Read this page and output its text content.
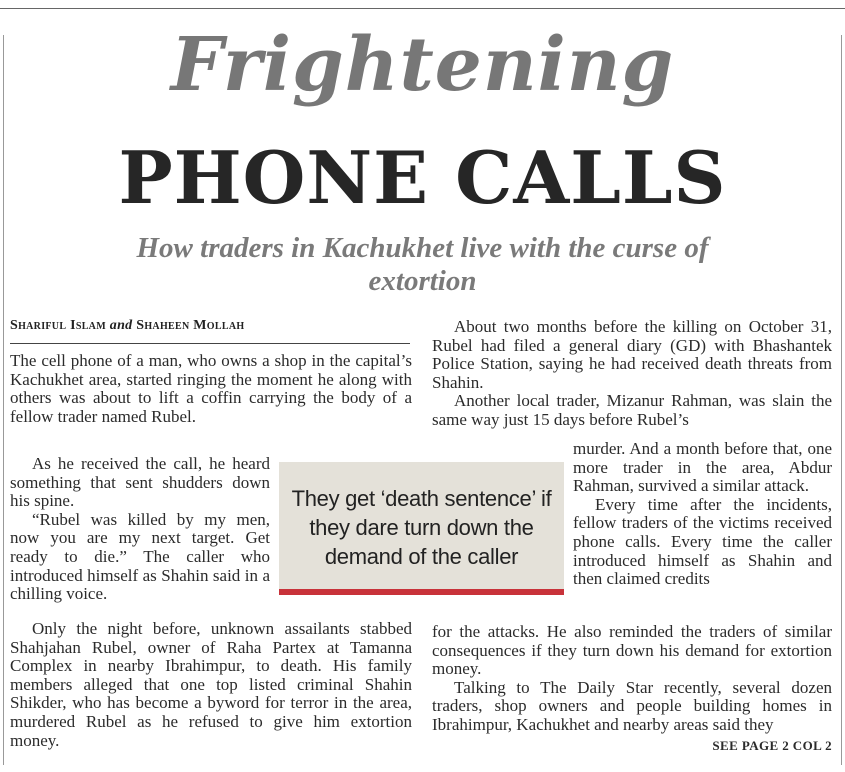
Frightening
PHONE CALLS
How traders in Kachukhet live with the curse of extortion
Shariful Islam and Shaheen Mollah

The cell phone of a man, who owns a shop in the capital’s Kachukhet area, started ringing the moment he along with others was about to lift a coffin carrying the body of a fellow trader named Rubel.

As he received the call, he heard something that sent shudders down his spine.

“Rubel was killed by my men, now you are my next target. Get ready to die.” The caller who introduced himself as Shahin said in a chilling voice.

Only the night before, unknown assailants stabbed Shahjahan Rubel, owner of Raha Partex at Tamanna Complex in nearby Ibrahimpur, to death. His family members alleged that one top listed criminal Shahin Shikder, who has become a byword for terror in the area, murdered Rubel as he refused to give him extortion money.

About two months before the killing on October 31, Rubel had filed a general diary (GD) with Bhashantek Police Station, saying he had received death threats from Shahin.

Another local trader, Mizanur Rahman, was slain the same way just 15 days before Rubel’s

murder. And a month before that, one more trader in the area, Abdur Rahman, survived a similar attack.

Every time after the incidents, fellow traders of the victims received phone calls. Every time the caller introduced himself as Shahin and then claimed credits

for the attacks. He also reminded the traders of similar consequences if they turn down his demand for extortion money.

Talking to The Daily Star recently, several dozen traders, shop owners and people building homes in Ibrahimpur, Kachukhet and nearby areas said they
SEE PAGE 2 COL 2

They get ‘death sentence’ if they dare turn down the demand of the caller
